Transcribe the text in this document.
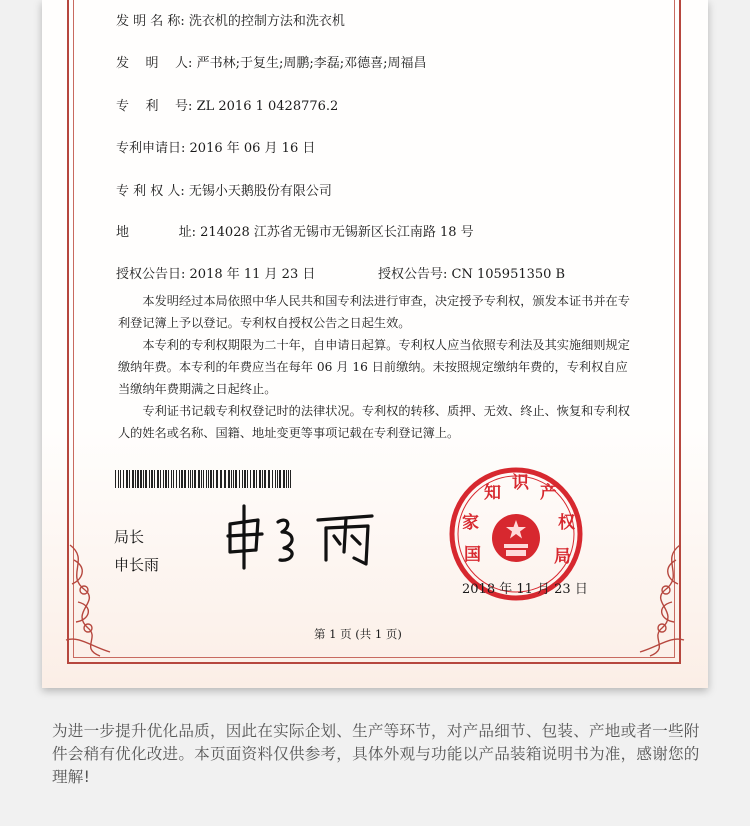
发 明 名 称: 洗衣机的控制方法和洗衣机
发    明    人: 严书林;于复生;周鹏;李磊;邓德喜;周福昌
专    利    号: ZL 2016 1 0428776.2
专利申请日: 2016 年 06 月 16 日
专 利 权 人: 无锡小天鹅股份有限公司
地            址: 214028 江苏省无锡市无锡新区长江南路 18 号
授权公告日: 2018 年 11 月 23 日	授权公告号: CN 105951350 B

本发明经过本局依照中华人民共和国专利法进行审查，决定授予专利权，颁发本证书并在专利登记簿上予以登记。专利权自授权公告之日起生效。

本专利的专利权期限为二十年，自申请日起算。专利权人应当依照专利法及其实施细则规定缴纳年费。本专利的年费应当在每年 06 月 16 日前缴纳。未按照规定缴纳年费的，专利权自应当缴纳年费期满之日起终止。

专利证书记载专利权登记时的法律状况。专利权的转移、质押、无效、终止、恢复和专利权人的姓名或名称、国籍、地址变更等事项记载在专利登记簿上。

局长
申长雨	国
家
知 识 产
权
局
2018 年 11 月 23 日
第 1 页 (共 1 页)
为进一步提升优化品质，因此在实际企划、生产等环节，对产品细节、包装、产地或者一些附件会稍有优化改进。本页面资料仅供参考，具体外观与功能以产品装箱说明书为准，感谢您的理解!
